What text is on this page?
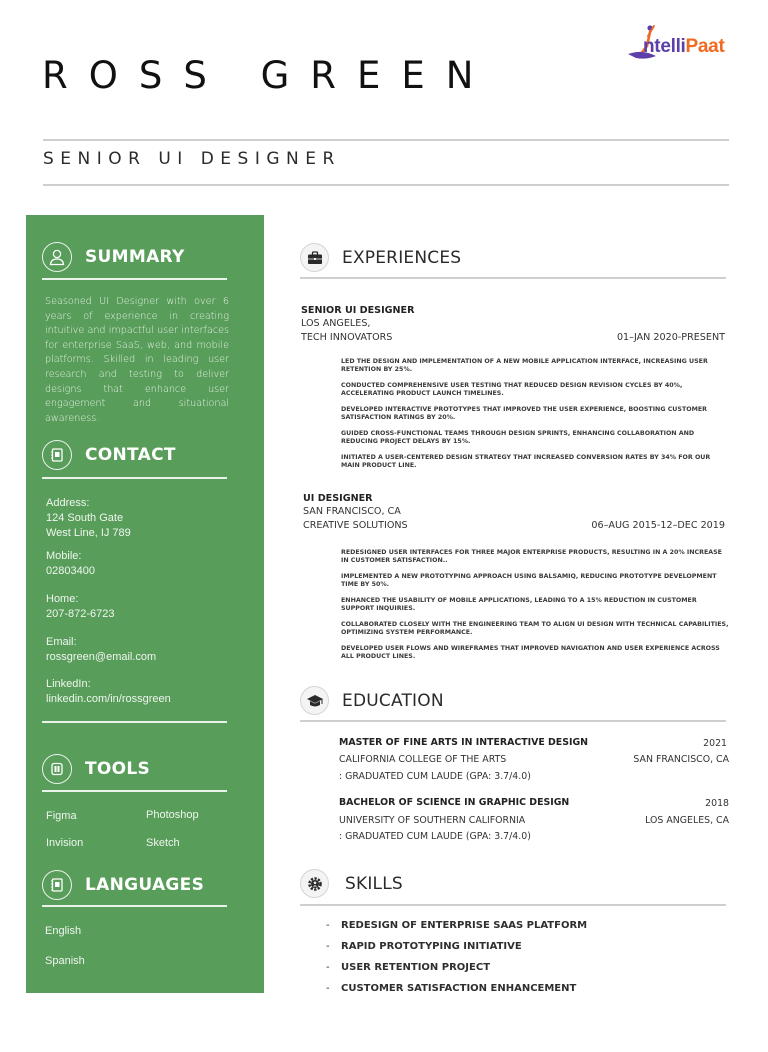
ntelliPaat
ROSS GREEN
SENIOR UI DESIGNER
SUMMARY
Seasoned UI Designer with over 6 years of experience in creating intuitive and impactful user interfaces for enterprise SaaS, web, and mobile platforms. Skilled in leading user research and testing to deliver designs that enhance user engagement and situational awareness.
CONTACT
Address:
124 South Gate
West Line, IJ 789
Mobile:
02803400
Home:
207-872-6723
Email:
rossgreen@email.com
LinkedIn:
linkedin.com/in/rossgreen
TOOLS
Figma	Photoshop
Invision	Sketch
LANGUAGES
English
Spanish
EXPERIENCES
SENIOR UI DESIGNER
LOS ANGELES,
TECH INNOVATORS	01–JAN 2020-PRESENT
LED THE DESIGN AND IMPLEMENTATION OF A NEW MOBILE APPLICATION INTERFACE, INCREASING USER RETENTION BY 25%.
CONDUCTED COMPREHENSIVE USER TESTING THAT REDUCED DESIGN REVISION CYCLES BY 40%, ACCELERATING PRODUCT LAUNCH TIMELINES.
DEVELOPED INTERACTIVE PROTOTYPES THAT IMPROVED THE USER EXPERIENCE, BOOSTING CUSTOMER SATISFACTION RATINGS BY 20%.
GUIDED CROSS-FUNCTIONAL TEAMS THROUGH DESIGN SPRINTS, ENHANCING COLLABORATION AND REDUCING PROJECT DELAYS BY 15%.
INITIATED A USER-CENTERED DESIGN STRATEGY THAT INCREASED CONVERSION RATES BY 34% FOR OUR MAIN PRODUCT LINE.
UI DESIGNER
SAN FRANCISCO, CA
CREATIVE SOLUTIONS	06–AUG 2015-12–DEC 2019
REDESIGNED USER INTERFACES FOR THREE MAJOR ENTERPRISE PRODUCTS, RESULTING IN A 20% INCREASE IN CUSTOMER SATISFACTION..
IMPLEMENTED A NEW PROTOTYPING APPROACH USING BALSAMIQ, REDUCING PROTOTYPE DEVELOPMENT TIME BY 50%.
ENHANCED THE USABILITY OF MOBILE APPLICATIONS, LEADING TO A 15% REDUCTION IN CUSTOMER SUPPORT INQUIRIES.
COLLABORATED CLOSELY WITH THE ENGINEERING TEAM TO ALIGN UI DESIGN WITH TECHNICAL CAPABILITIES, OPTIMIZING SYSTEM PERFORMANCE.
DEVELOPED USER FLOWS AND WIREFRAMES THAT IMPROVED NAVIGATION AND USER EXPERIENCE ACROSS ALL PRODUCT LINES.
EDUCATION
MASTER OF FINE ARTS IN INTERACTIVE DESIGN	2021
CALIFORNIA COLLEGE OF THE ARTS	SAN FRANCISCO, CA
: GRADUATED CUM LAUDE (GPA: 3.7/4.0)
BACHELOR OF SCIENCE IN GRAPHIC DESIGN	2018
UNIVERSITY OF SOUTHERN CALIFORNIA	LOS ANGELES, CA
: GRADUATED CUM LAUDE (GPA: 3.7/4.0)
SKILLS
- REDESIGN OF ENTERPRISE SAAS PLATFORM
- RAPID PROTOTYPING INITIATIVE
- USER RETENTION PROJECT
- CUSTOMER SATISFACTION ENHANCEMENT
